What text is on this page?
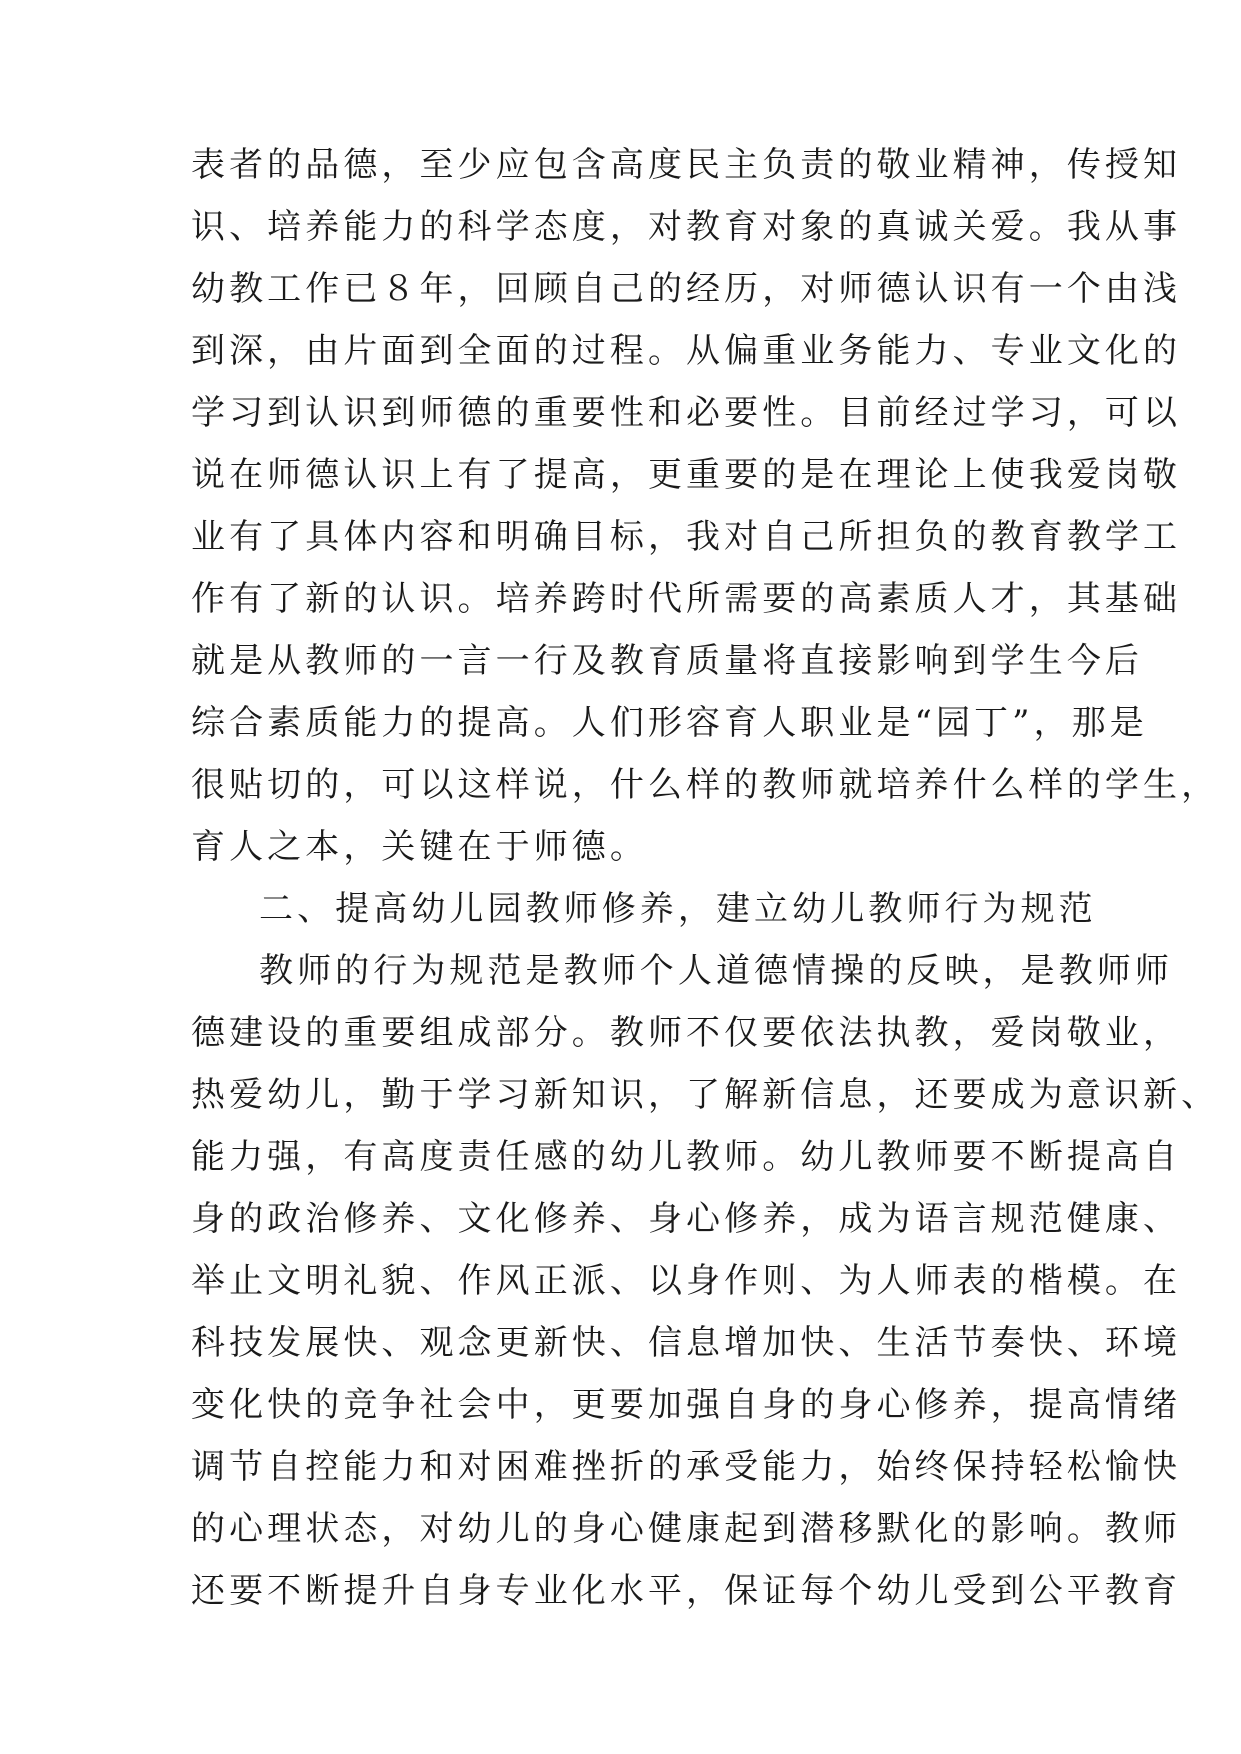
表者的品德，至少应包含高度民主负责的敬业精神，传授知
识、培养能力的科学态度，对教育对象的真诚关爱。我从事
幼教工作已８年，回顾自己的经历，对师德认识有一个由浅
到深，由片面到全面的过程。从偏重业务能力、专业文化的
学习到认识到师德的重要性和必要性。目前经过学习，可以
说在师德认识上有了提高，更重要的是在理论上使我爱岗敬
业有了具体内容和明确目标，我对自己所担负的教育教学工
作有了新的认识。培养跨时代所需要的高素质人才，其基础
就是从教师的一言一行及教育质量将直接影响到学生今后
综合素质能力的提高。人们形容育人职业是“园丁”，那是
很贴切的，可以这样说，什么样的教师就培养什么样的学生，
育人之本，关键在于师德。
二、提高幼儿园教师修养，建立幼儿教师行为规范
教师的行为规范是教师个人道德情操的反映，是教师师
德建设的重要组成部分。教师不仅要依法执教，爱岗敬业，
热爱幼儿，勤于学习新知识，了解新信息，还要成为意识新、
能力强，有高度责任感的幼儿教师。幼儿教师要不断提高自
身的政治修养、文化修养、身心修养，成为语言规范健康、
举止文明礼貌、作风正派、以身作则、为人师表的楷模。在
科技发展快、观念更新快、信息增加快、生活节奏快、环境
变化快的竞争社会中，更要加强自身的身心修养，提高情绪
调节自控能力和对困难挫折的承受能力，始终保持轻松愉快
的心理状态，对幼儿的身心健康起到潜移默化的影响。教师
还要不断提升自身专业化水平，保证每个幼儿受到公平教育
